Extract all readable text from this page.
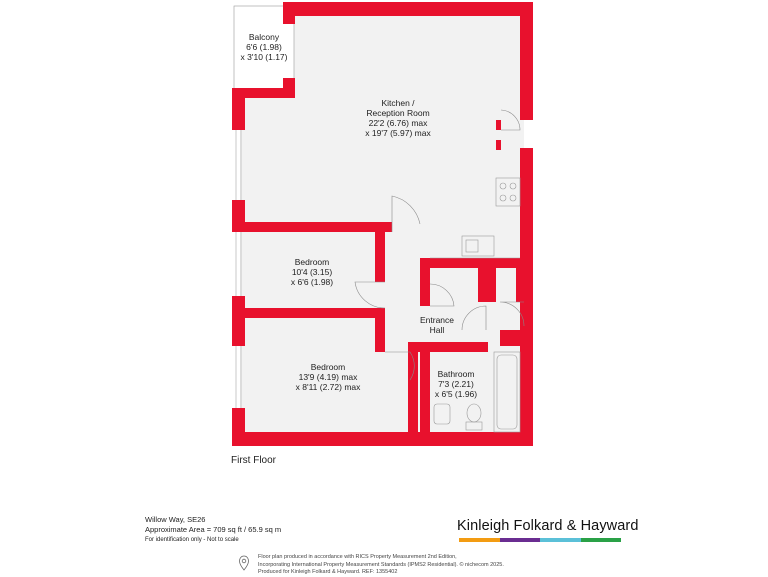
Balcony
6'6 (1.98)
x 3'10 (1.17)
Kitchen /
Reception Room
22'2 (6.76) max
x 19'7 (5.97) max
Bedroom
10'4 (3.15)
x 6'6 (1.98)
Bedroom
13'9 (4.19) max
x 8'11 (2.72) max
Entrance
Hall
Bathroom
7'3 (2.21)
x 6'5 (1.96)
First Floor
Willow Way, SE26
Approximate Area = 709 sq ft / 65.9 sq m
For identification only - Not to scale
Kinleigh Folkard & Hayward
Floor plan produced in accordance with RICS Property Measurement 2nd Edition,
Incorporating International Property Measurement Standards (IPMS2 Residential). © nichecom 2025.
Produced for Kinleigh Folkard & Hayward. REF: 1355402
